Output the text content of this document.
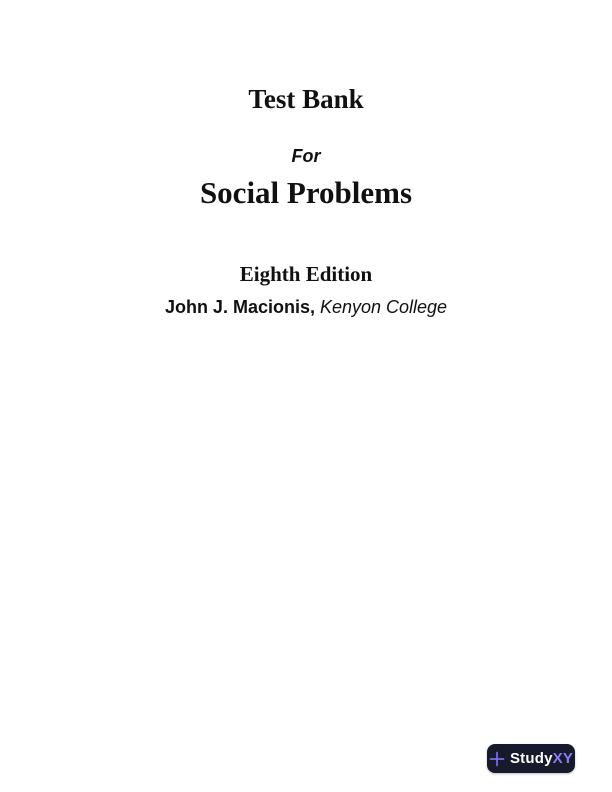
Test Bank
For
Social Problems
Eighth Edition
John J. Macionis, Kenyon College
StudyXY
